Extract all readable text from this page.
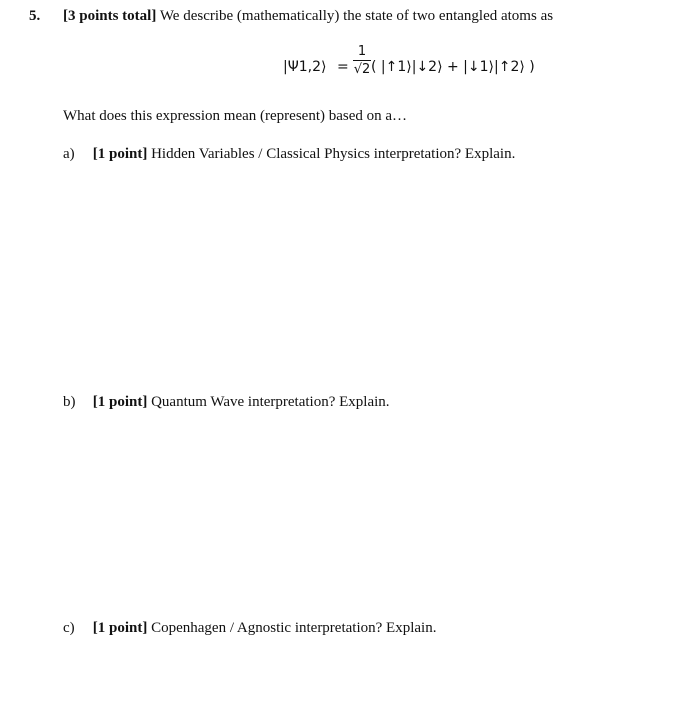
5. [3 points total] We describe (mathematically) the state of two entangled atoms as
|Ψ1,2⟩ =
1
√2 ( |↑1⟩|↓2⟩ + |↓1⟩|↑2⟩ )
What does this expression mean (represent) based on a…
a) [1 point] Hidden Variables / Classical Physics interpretation? Explain.
b) [1 point] Quantum Wave interpretation? Explain.
c) [1 point] Copenhagen / Agnostic interpretation? Explain.
